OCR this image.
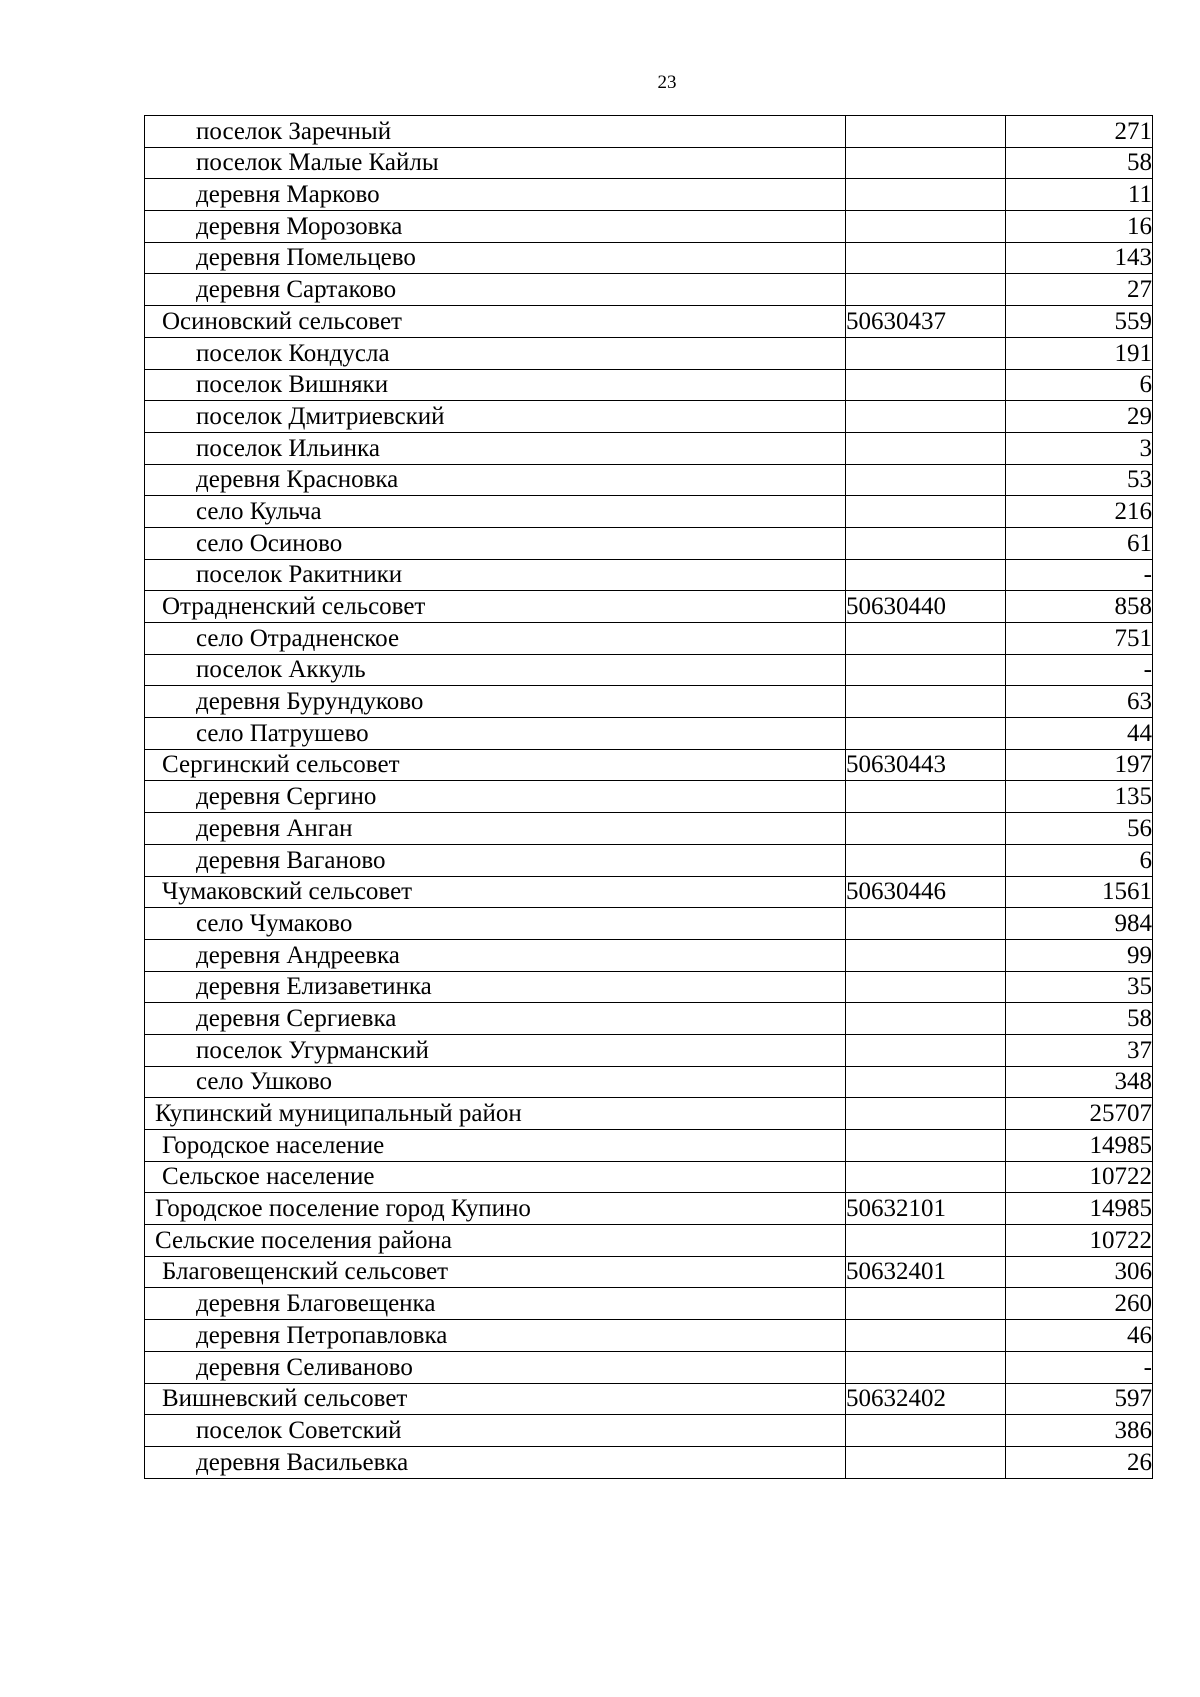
23
поселок Заречный		271
поселок Малые Кайлы		58
деревня Марково		11
деревня Морозовка		16
деревня Помельцево		143
деревня Сартаково		27
Осиновский сельсовет	50630437	559
поселок Кондусла		191
поселок Вишняки		6
поселок Дмитриевский		29
поселок Ильинка		3
деревня Красновка		53
село Кульча		216
село Осиново		61
поселок Ракитники		-
Отрадненский сельсовет	50630440	858
село Отрадненское		751
поселок Аккуль		-
деревня Бурундуково		63
село Патрушево		44
Сергинский сельсовет	50630443	197
деревня Сергино		135
деревня Анган		56
деревня Ваганово		6
Чумаковский сельсовет	50630446	1561
село Чумаково		984
деревня Андреевка		99
деревня Елизаветинка		35
деревня Сергиевка		58
поселок Угурманский		37
село Ушково		348
Купинский муниципальный район		25707
Городское население		14985
Сельское население		10722
Городское поселение город Купино	50632101	14985
Сельские поселения района		10722
Благовещенский сельсовет	50632401	306
деревня Благовещенка		260
деревня Петропавловка		46
деревня Селиваново		-
Вишневский сельсовет	50632402	597
поселок Советский		386
деревня Васильевка		26
